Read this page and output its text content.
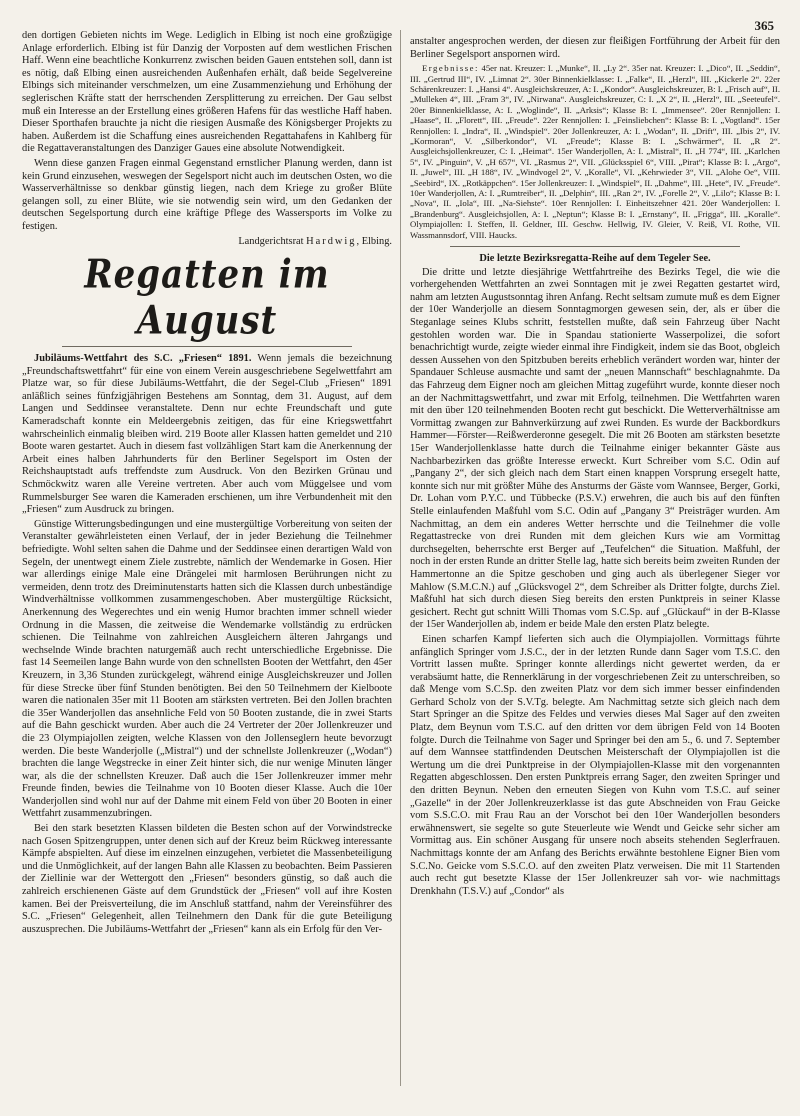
365

den dortigen Gebieten nichts im Wege. Lediglich in Elbing ist noch eine großzügige Anlage erforderlich. Elbing ist für Danzig der Vorposten auf dem westlichen Frischen Haff. Wenn eine beachtliche Konkurrenz zwischen beiden Gauen entstehen soll, dann ist es nötig, daß Elbing einen ausreichenden Außenhafen erhält, daß beide Segelvereine Elbings sich miteinander verschmelzen, um eine Zusammenziehung und Erhöhung der seglerischen Kräfte statt der herrschenden Zersplitterung zu erreichen. Der Gau selbst muß ein Interesse an der Erstellung eines größeren Hafens für das westliche Haff haben. Dieser Sporthafen brauchte ja nicht die riesigen Ausmaße des Königsberger Projekts zu haben. Außerdem ist die Schaffung eines ausreichenden Regattahafens in Kahlberg für die Regattaveranstaltungen des Danziger Gaues eine absolute Notwendigkeit.

Wenn diese ganzen Fragen einmal Gegenstand ernstlicher Planung werden, dann ist kein Grund einzusehen, weswegen der Segelsport nicht auch im deutschen Osten, wo die Wasserverhältnisse so denkbar günstig liegen, nach dem Kriege zu großer Blüte gelangen soll, zu einer Blüte, wie sie notwendig sein wird, um den Gedanken der deutschen Segelsportung durch eine kräftige Pflege des Wassersports im Volke zu festigen.

Landgerichtsrat Hardwig, Elbing.

Regatten im August

Jubiläums-Wettfahrt des S.C. „Friesen“ 1891. Wenn jemals die bezeichnung „Freundschaftswettfahrt“ für eine von einem Verein ausgeschriebene Segelwettfahrt am Platze war, so für diese Jubiläums-Wettfahrt, die der Segel-Club „Friesen“ 1891 anläßlich seines fünfzigjährigen Bestehens am Sonntag, dem 31. August, auf dem Langen und Seddinsee veranstaltete. Denn nur echte Freundschaft und gute Kameradschaft konnte ein Meldeergebnis zeitigen, das für eine Kriegswettfahrt wahrscheinlich einmalig bleiben wird. 219 Boote aller Klassen hatten gemeldet und 210 Boote waren gestartet. Auch in diesem fast vollzähligen Start kam die Anerkennung der Arbeit eines halben Jahrhunderts für den Berliner Segelsport im Osten der Reichshauptstadt aufs treffendste zum Ausdruck. Von den Bezirken Grünau und Schmöckwitz waren alle Vereine vertreten. Aber auch vom Müggelsee und vom Rummelsburger See waren die Kameraden erschienen, um ihre Verbundenheit mit den „Friesen“ zum Ausdruck zu bringen.

Günstige Witterungsbedingungen und eine mustergültige Vorbereitung von seiten der Veranstalter gewährleisteten einen Verlauf, der in jeder Beziehung die Teilnehmer befriedigte. Wohl selten sahen die Dahme und der Seddinsee einen derartigen Wald von Segeln, der unentwegt einem Ziele zustrebte, nämlich der Wendemarke in Gosen. Hier war allerdings einige Male eine Drängelei mit harmlosen Berührungen nicht zu vermeiden, denn trotz des Dreiminutenstarts hatten sich die Klassen durch unbeständige Windverhältnisse vollkommen zusammengeschoben. Aber mustergültige Rücksicht, Anerkennung des Wegerechtes und ein wenig Humor brachten immer schnell wieder Ordnung in die Massen, die zeitweise die Wendemarke vollständig zu erdrücken schienen. Die Teilnahme von zahlreichen Ausgleichern älteren Jahrgangs und wechselnde Winde brachten naturgemäß auch recht unterschiedliche Ergebnisse. Die fast 14 Seemeilen lange Bahn wurde von den schnellsten Booten der Wettfahrt, den 45er Kreuzern, in 3,36 Stunden zurückgelegt, während einige Ausgleichskreuzer und Jollen für diese Strecke über fünf Stunden benötigten. Bei den 50 Teilnehmern der Kielboote waren die nationalen 35er mit 11 Booten am stärksten vertreten. Bei den Jollen brachten die 35er Wanderjollen das ansehnliche Feld von 50 Booten zustande, die in zwei Starts auf die Bahn geschickt wurden. Aber auch die 24 Vertreter der 20er Jollenkreuzer und die 23 Olympiajollen zeigten, welche Klassen von den Jollenseglern heute bevorzugt werden. Die beste Wanderjolle („Mistral“) und der schnellste Jollenkreuzer („Wodan“) brachten die lange Wegstrecke in einer Zeit hinter sich, die nur wenige Minuten länger war, als die der schnellsten Kreuzer. Daß auch die 15er Jollenkreuzer immer mehr Freunde finden, bewies die Teilnahme von 10 Booten dieser Klasse. Auch die 10er Wanderjollen sind wohl nur auf der Dahme mit einem Feld von über 20 Booten in einer Wettfahrt zusammenzubringen.

Bei den stark besetzten Klassen bildeten die Besten schon auf der Vorwindstrecke nach Gosen Spitzengruppen, unter denen sich auf der Kreuz beim Rückweg interessante Kämpfe abspielten. Auf diese im einzelnen einzugehen, verbietet die Massenbeteiligung und die Unmöglichkeit, auf der langen Bahn alle Klassen zu beobachten. Beim Passieren der Ziellinie war der Wettergott den „Friesen“ besonders günstig, so daß auch die zahlreich erschienenen Gäste auf dem Grundstück der „Friesen“ voll auf ihre Kosten kamen. Bei der Preisverteilung, die im Anschluß stattfand, nahm der Vereinsführer des S.C. „Friesen“ Gelegenheit, allen Teilnehmern den Dank für die gute Beteiligung auszusprechen. Die Jubiläums-Wettfahrt der „Friesen“ kann als ein Erfolg für den Ver-

anstalter angesprochen werden, der diesen zur fleißigen Fortführung der Arbeit für den Berliner Segelsport anspornen wird.

Ergebnisse: 45er nat. Kreuzer: I. „Munke“, II. „Ly 2“. 35er nat. Kreuzer: I. „Dico“, II. „Seddin“, III. „Gertrud III“, IV. „Limnat 2“. 30er Binnenkielklasse: I. „Falke“, II. „Herzl“, III. „Kickerle 2“. 22er Schärenkreuzer: I. „Hansi 4“. Ausgleichskreuzer, A: I. „Kondor“. Ausgleichskreuzer, B: I. „Frisch auf“, II. „Mulleken 4“, III. „Fram 3“, IV. „Nirwana“. Ausgleichskreuzer, C: I. „X 2“, II. „Herzl“, III. „Seeteufel“. 20er Binnenkielklasse, A: I. „Woglinde“, II. „Arksis“; Klasse B: I. „Immensee“. 20er Rennjollen: I. „Haase“, II. „Florett“, III. „Freude“. 22er Rennjollen: I. „Feinsliebchen“: Klasse B: I. „Vogtland“. 15er Rennjollen: I. „Indra“, II. „Windspiel“. 20er Jollenkreuzer, A: I. „Wodan“, II. „Drift“, III. „Ibis 2“, IV. „Kormoran“, V. „Silberkondor“, VI. „Freude“; Klasse B: I. „Schwärmer“, II. „R 2“. Ausgleichsjollenkreuzer, C: I. „Heimat“. 15er Wanderjollen, A: I. „Mistral“, II. „H 774“, III. „Karlchen 5“, IV. „Pinguin“, V. „H 657“, VI. „Rasmus 2“, VII. „Glücksspiel 6“, VIII. „Pirat“; Klasse B: I. „Argo“, II. „Juwel“, III. „H 188“, IV. „Windvogel 2“, V. „Koralle“, VI. „Kehrwieder 3“, VII. „Alohe Oe“, VIII. „Seebird“, IX. „Rotkäppchen“. 15er Jollenkreuzer: I. „Windspiel“, II. „Dahme“, III. „Hete“, IV. „Freude“. 10er Wanderjollen, A: I. „Rumtreiber“, II. „Delphin“, III. „Ran 2“, IV. „Forelle 2“, V. „Lilo“; Klasse B: I. „Nova“, II. „Iola“, III. „Na-Siehste“. 10er Rennjollen: I. Einheitszehner 421. 20er Wanderjollen: I. „Brandenburg“. Ausgleichsjollen, A: I. „Neptun“; Klasse B: I. „Ernstany“, II. „Frigga“, III. „Koralle“. Olympiajollen: I. Steffen, II. Geldner, III. Geschw. Hellwig, IV. Gleier, V. Reiß, VI. Rothe, VII. Wassmannsdorf, VIII. Haucks.

Die letzte Bezirksregatta-Reihe auf dem Tegeler See.

Die dritte und letzte diesjährige Wettfahrtreihe des Bezirks Tegel, die wie die vorhergehenden Wettfahrten an zwei Sonntagen mit je zwei Regatten gestartet wird, nahm am letzten Augustsonntag ihren Anfang. Recht seltsam zumute muß es dem Eigner der 10er Wanderjolle an diesem Sonntagmorgen gewesen sein, der, als er über die Steganlage seines Klubs schritt, feststellen mußte, daß sein Fahrzeug über Nacht gestohlen worden war. Die in Spandau stationierte Wasserpolizei, die sofort benachrichtigt wurde, zeigte wieder einmal ihre Findigkeit, indem sie das Boot, obgleich dessen Aussehen von den Spitzbuben bereits erheblich verändert worden war, hinter der Spandauer Schleuse ausmachte und samt der „neuen Mannschaft“ beschlagnahmte. Da das Fahrzeug dem Eigner noch am gleichen Mittag zugeführt wurde, konnte dieser noch an der Nachmittagswettfahrt, und zwar mit Erfolg, teilnehmen. Die Wettfahrten waren mit den über 120 teilnehmenden Booten recht gut beschickt. Die Wetterverhältnisse am Vormittag zwangen zur Bahnverkürzung auf zwei Runden. Es wurde der Backbordkurs Hammer—Förster—Reißwerderonne gesegelt. Die mit 26 Booten am stärksten besetzte 15er Wanderjollenklasse hatte durch die Teilnahme einiger bekannter Gäste aus Nachbarbezirken das größte Interesse erweckt. Kurt Schreiber vom S.C. Odin auf „Pangany 2“, der sich gleich nach dem Start einen knappen Vorsprung ersegelt hatte, konnte sich nur mit größter Mühe des Ansturms der Gäste vom Wannsee, Berger, Gorki, Dr. Lohan vom P.Y.C. und Tübbecke (P.S.V.) erwehren, die auch bis auf den fünften Stelle einlaufenden Maßfuhl vom S.C. Odin auf „Pangany 3“ Preisträger wurden. Am Nachmittag, an dem ein anderes Wetter herrschte und die Teilnehmer die volle Regattastrecke von drei Runden mit dem gleichen Kurs wie am Vormittag durchsegelten, beherrschte erst Berger auf „Teufelchen“ die Situation. Maßfuhl, der noch in der ersten Runde an dritter Stelle lag, hatte sich bereits beim zweiten Runden der Hammertonne an die Spitze geschoben und ging auch als überlegener Sieger vor Mahlow (S.M.C.N.) auf „Glücksvogel 2“, dem Schreiber als Dritter folgte, durchs Ziel. Maßfuhl hat sich durch diesen Sieg bereits den ersten Punktpreis in seiner Klasse gesichert. Recht gut schnitt Willi Thomas vom S.C.Sp. auf „Glückauf“ in der B-Klasse der 15er Wanderjollen ab, indem er beide Male den ersten Platz belegte.

Einen scharfen Kampf lieferten sich auch die Olympiajollen. Vormittags führte anfänglich Springer vom J.S.C., der in der letzten Runde dann Sager vom T.S.C. den Vortritt lassen mußte. Springer konnte allerdings nicht gewertet werden, da er verabsäumt hatte, die Rennerklärung in der vorgeschriebenen Zeit zu unterschreiben, so daß Menge vom S.C.Sp. den zweiten Platz vor dem sich immer besser einfindenden Gerhard Scholz von der S.V.Tg. belegte. Am Nachmittag setzte sich gleich nach dem Start Springer an die Spitze des Feldes und verwies dieses Mal Sager auf den zweiten Platz, dem Beynun vom T.S.C. auf den dritten vor dem übrigen Feld von 14 Booten folgte. Durch die Teilnahme von Sager und Springer bei den am 5., 6. und 7. September auf dem Wannsee stattfindenden Deutschen Meisterschaft der Olympiajollen ist die Wertung um die drei Punktpreise in der Olympiajollen-Klasse mit den vorgenannten Regatten abgeschlossen. Den ersten Punktpreis errang Sager, den zweiten Springer und den dritten Beynun. Neben den erneuten Siegen von Kuhn vom T.S.C. auf seiner „Gazelle“ in der 20er Jollenkreuzerklasse ist das gute Abschneiden von Frau Geicke vom S.S.C.O. mit Frau Rau an der Vorschot bei den 10er Wanderjollen besonders erwähnenswert, sie segelte so gute Steuerleute wie Wendt und Geicke sehr sicher am Vormittag aus. Ein schöner Ausgang für unsere noch abseits stehenden Seglerfrauen. Nachmittags konnte der am Anfang des Berichts erwähnte bestohlene Eigner Bien vom S.C.No. Geicke vom S.S.C.O. auf den zweiten Platz verweisen. Die mit 11 Startenden auch recht gut besetzte Klasse der 15er Jollenkreuzer sah vor- wie nachmittags Drenkhahn (T.S.V.) auf „Condor“ als
